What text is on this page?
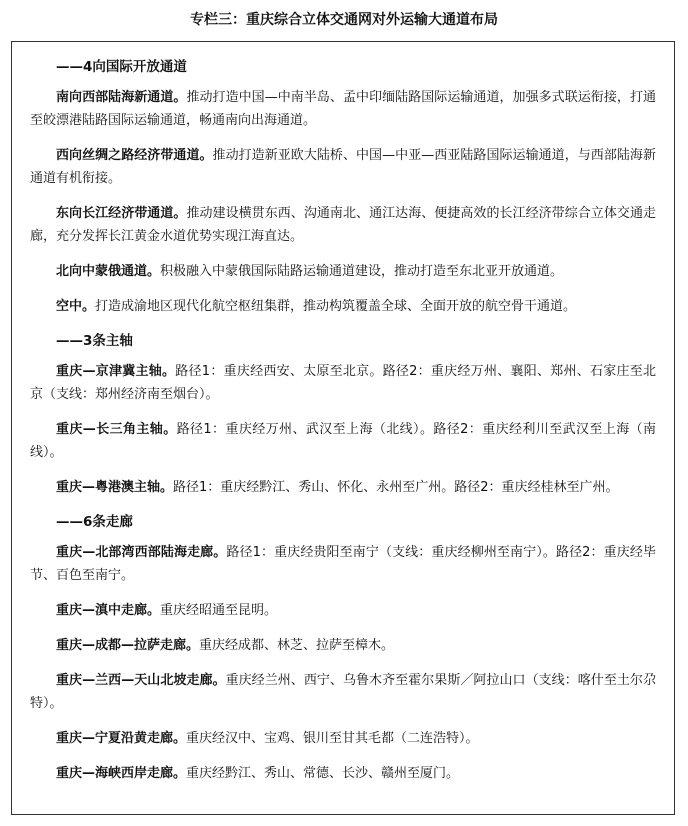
专栏三：重庆综合立体交通网对外运输大通道布局
——4向国际开放通道

南向西部陆海新通道。推动打造中国—中南半岛、孟中印缅陆路国际运输通道，加强多式联运衔接，打通至皎漂港陆路国际运输通道，畅通南向出海通道。

西向丝绸之路经济带通道。推动打造新亚欧大陆桥、中国—中亚—西亚陆路国际运输通道，与西部陆海新通道有机衔接。

东向长江经济带通道。推动建设横贯东西、沟通南北、通江达海、便捷高效的长江经济带综合立体交通走廊，充分发挥长江黄金水道优势实现江海直达。

北向中蒙俄通道。积极融入中蒙俄国际陆路运输通道建设，推动打造至东北亚开放通道。

空中。打造成渝地区现代化航空枢纽集群，推动构筑覆盖全球、全面开放的航空骨干通道。

——3条主轴

重庆—京津冀主轴。路径1：重庆经西安、太原至北京。路径2：重庆经万州、襄阳、郑州、石家庄至北京（支线：郑州经济南至烟台）。

重庆—长三角主轴。路径1：重庆经万州、武汉至上海（北线）。路径2：重庆经利川至武汉至上海（南线）。

重庆—粤港澳主轴。路径1：重庆经黔江、秀山、怀化、永州至广州。路径2：重庆经桂林至广州。

——6条走廊

重庆—北部湾西部陆海走廊。路径1：重庆经贵阳至南宁（支线：重庆经柳州至南宁）。路径2：重庆经毕节、百色至南宁。

重庆—滇中走廊。重庆经昭通至昆明。

重庆—成都—拉萨走廊。重庆经成都、林芝、拉萨至樟木。

重庆—兰西—天山北坡走廊。重庆经兰州、西宁、乌鲁木齐至霍尔果斯／阿拉山口（支线：喀什至土尔尕特）。

重庆—宁夏沿黄走廊。重庆经汉中、宝鸡、银川至甘其毛都（二连浩特）。

重庆—海峡西岸走廊。重庆经黔江、秀山、常德、长沙、赣州至厦门。
